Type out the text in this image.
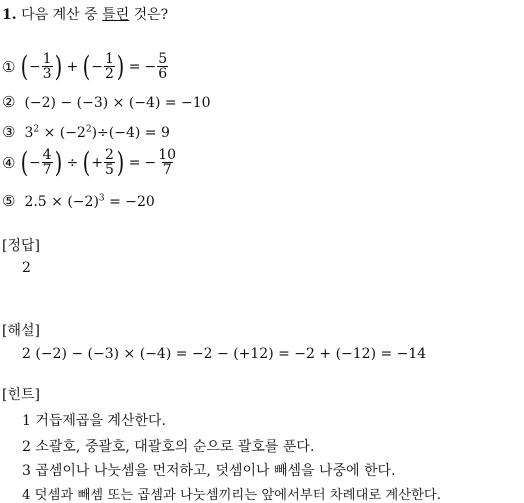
1. 다음 계산 중 틀린 것은?
① ( − $\frac{1}{3}$ ) + ( − $\frac{1}{2}$ ) = − $\frac{5}{6}$
② (−2) − (−3) × (−4) = −10
③ $3^2 \times (-2^2)\div(-4) = 9$
④ ( − $\frac{4}{7}$ ) ÷ ( + $\frac{2}{5}$ ) = − $\frac{10}{7}$
⑤ $2.5 \times (-2)^3 = -20$
[정답]
2
[해설]
2 (−2) − (−3) × (−4) = −2 − (+12) = −2 + (−12) = −14
[힌트]
1 거듭제곱을 계산한다.
2 소괄호, 중괄호, 대괄호의 순으로 괄호를 푼다.
3 곱셈이나 나눗셈을 먼저하고, 덧셈이나 빼셈을 나중에 한다.
4 덧셈과 빼셈 또는 곱셈과 나눗셈끼리는 앞에서부터 차례대로 계산한다.
